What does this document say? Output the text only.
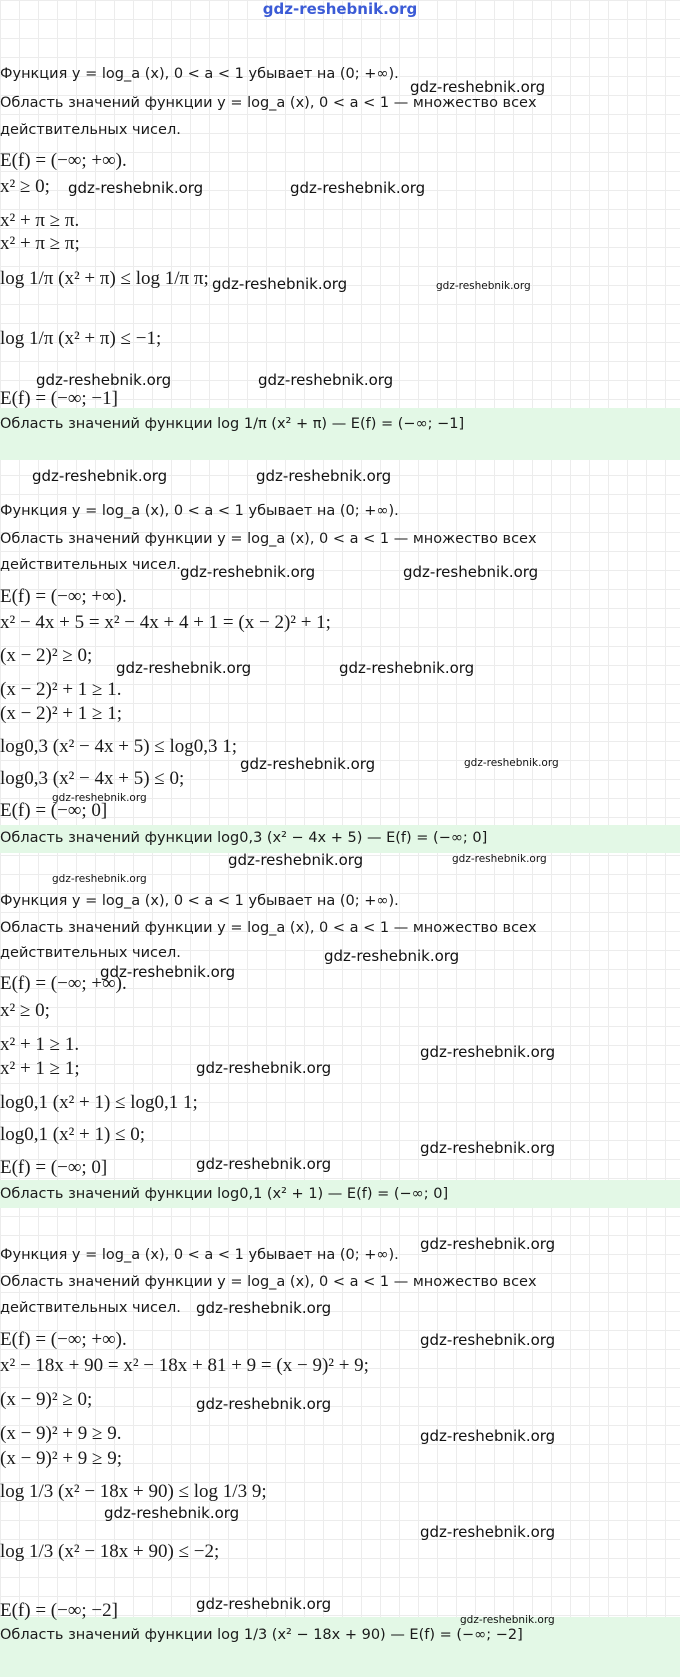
gdz-reshebnik.org
Функция y = log_a (x), 0 < a < 1 убывает на (0; +∞).
Область значений функции y = log_a (x), 0 < a < 1 — множество всех
действительных чисел.
E(f) = (−∞; +∞).
x² ≥ 0;
x² + π ≥ π.
x² + π ≥ π;
log 1/π (x² + π) ≤ log 1/π π;
log 1/π (x² + π) ≤ −1;
E(f) = (−∞; −1]
Область значений функции log 1/π (x² + π) — E(f) = (−∞; −1]
Функция y = log_a (x), 0 < a < 1 убывает на (0; +∞).
Область значений функции y = log_a (x), 0 < a < 1 — множество всех
действительных чисел.
E(f) = (−∞; +∞).
x² − 4x + 5 = x² − 4x + 4 + 1 = (x − 2)² + 1;
(x − 2)² ≥ 0;
(x − 2)² + 1 ≥ 1.
(x − 2)² + 1 ≥ 1;
log0,3 (x² − 4x + 5) ≤ log0,3 1;
log0,3 (x² − 4x + 5) ≤ 0;
E(f) = (−∞; 0]
Область значений функции log0,3 (x² − 4x + 5) — E(f) = (−∞; 0]
Функция y = log_a (x), 0 < a < 1 убывает на (0; +∞).
Область значений функции y = log_a (x), 0 < a < 1 — множество всех
действительных чисел.
E(f) = (−∞; +∞).
x² ≥ 0;
x² + 1 ≥ 1.
x² + 1 ≥ 1;
log0,1 (x² + 1) ≤ log0,1 1;
log0,1 (x² + 1) ≤ 0;
E(f) = (−∞; 0]
Область значений функции log0,1 (x² + 1) — E(f) = (−∞; 0]
Функция y = log_a (x), 0 < a < 1 убывает на (0; +∞).
Область значений функции y = log_a (x), 0 < a < 1 — множество всех
действительных чисел.
E(f) = (−∞; +∞).
x² − 18x + 90 = x² − 18x + 81 + 9 = (x − 9)² + 9;
(x − 9)² ≥ 0;
(x − 9)² + 9 ≥ 9.
(x − 9)² + 9 ≥ 9;
log 1/3 (x² − 18x + 90) ≤ log 1/3 9;
log 1/3 (x² − 18x + 90) ≤ −2;
E(f) = (−∞; −2]
Область значений функции log 1/3 (x² − 18x + 90) — E(f) = (−∞; −2]
gdz-reshebnik.org
gdz-reshebnik.org	gdz-reshebnik.org
gdz-reshebnik.org	gdz-reshebnik.org
gdz-reshebnik.org	gdz-reshebnik.org
gdz-reshebnik.org	gdz-reshebnik.org
gdz-reshebnik.org	gdz-reshebnik.org
gdz-reshebnik.org	gdz-reshebnik.org
gdz-reshebnik.org	gdz-reshebnik.org
gdz-reshebnik.org
gdz-reshebnik.org	gdz-reshebnik.org
gdz-reshebnik.org
gdz-reshebnik.org
gdz-reshebnik.org
gdz-reshebnik.org
gdz-reshebnik.org
gdz-reshebnik.org
gdz-reshebnik.org
gdz-reshebnik.org
gdz-reshebnik.org
gdz-reshebnik.org
gdz-reshebnik.org
gdz-reshebnik.org
gdz-reshebnik.org
gdz-reshebnik.org
gdz-reshebnik.org
gdz-reshebnik.org
